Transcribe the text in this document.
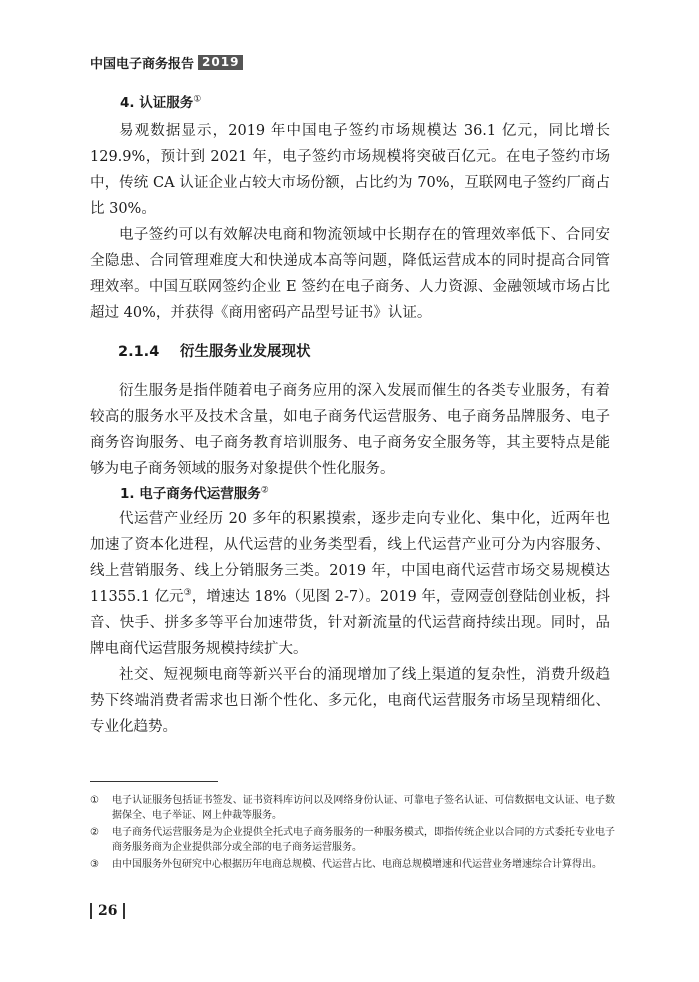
中国电子商务报告 2019
4. 认证服务①

易观数据显示，2019 年中国电子签约市场规模达 36.1 亿元，同比增长 129.9%，预计到 2021 年，电子签约市场规模将突破百亿元。在电子签约市场中，传统 CA 认证企业占较大市场份额，占比约为 70%，互联网电子签约厂商占比 30%。

电子签约可以有效解决电商和物流领域中长期存在的管理效率低下、合同安全隐患、合同管理难度大和快递成本高等问题，降低运营成本的同时提高合同管理效率。中国互联网签约企业 E 签约在电子商务、人力资源、金融领域市场占比超过 40%，并获得《商用密码产品型号证书》认证。

2.1.4	衍生服务业发展现状

衍生服务是指伴随着电子商务应用的深入发展而催生的各类专业服务，有着较高的服务水平及技术含量，如电子商务代运营服务、电子商务品牌服务、电子商务咨询服务、电子商务教育培训服务、电子商务安全服务等，其主要特点是能够为电子商务领域的服务对象提供个性化服务。

1. 电子商务代运营服务②

代运营产业经历 20 多年的积累摸索，逐步走向专业化、集中化，近两年也加速了资本化进程，从代运营的业务类型看，线上代运营产业可分为内容服务、线上营销服务、线上分销服务三类。2019 年，中国电商代运营市场交易规模达 11355.1 亿元③，增速达 18%（见图 2-7）。2019 年，壹网壹创登陆创业板，抖音、快手、拼多多等平台加速带货，针对新流量的代运营商持续出现。同时，品牌电商代运营服务规模持续扩大。

社交、短视频电商等新兴平台的涌现增加了线上渠道的复杂性，消费升级趋势下终端消费者需求也日渐个性化、多元化，电商代运营服务市场呈现精细化、专业化趋势。

①	电子认证服务包括证书签发、证书资料库访问以及网络身份认证、可靠电子签名认证、可信数据电文认证、电子数据保全、电子举证、网上仲裁等服务。
②	电子商务代运营服务是为企业提供全托式电子商务服务的一种服务模式，即指传统企业以合同的方式委托专业电子商务服务商为企业提供部分或全部的电子商务运营服务。
③	由中国服务外包研究中心根据历年电商总规模、代运营占比、电商总规模增速和代运营业务增速综合计算得出。
26
